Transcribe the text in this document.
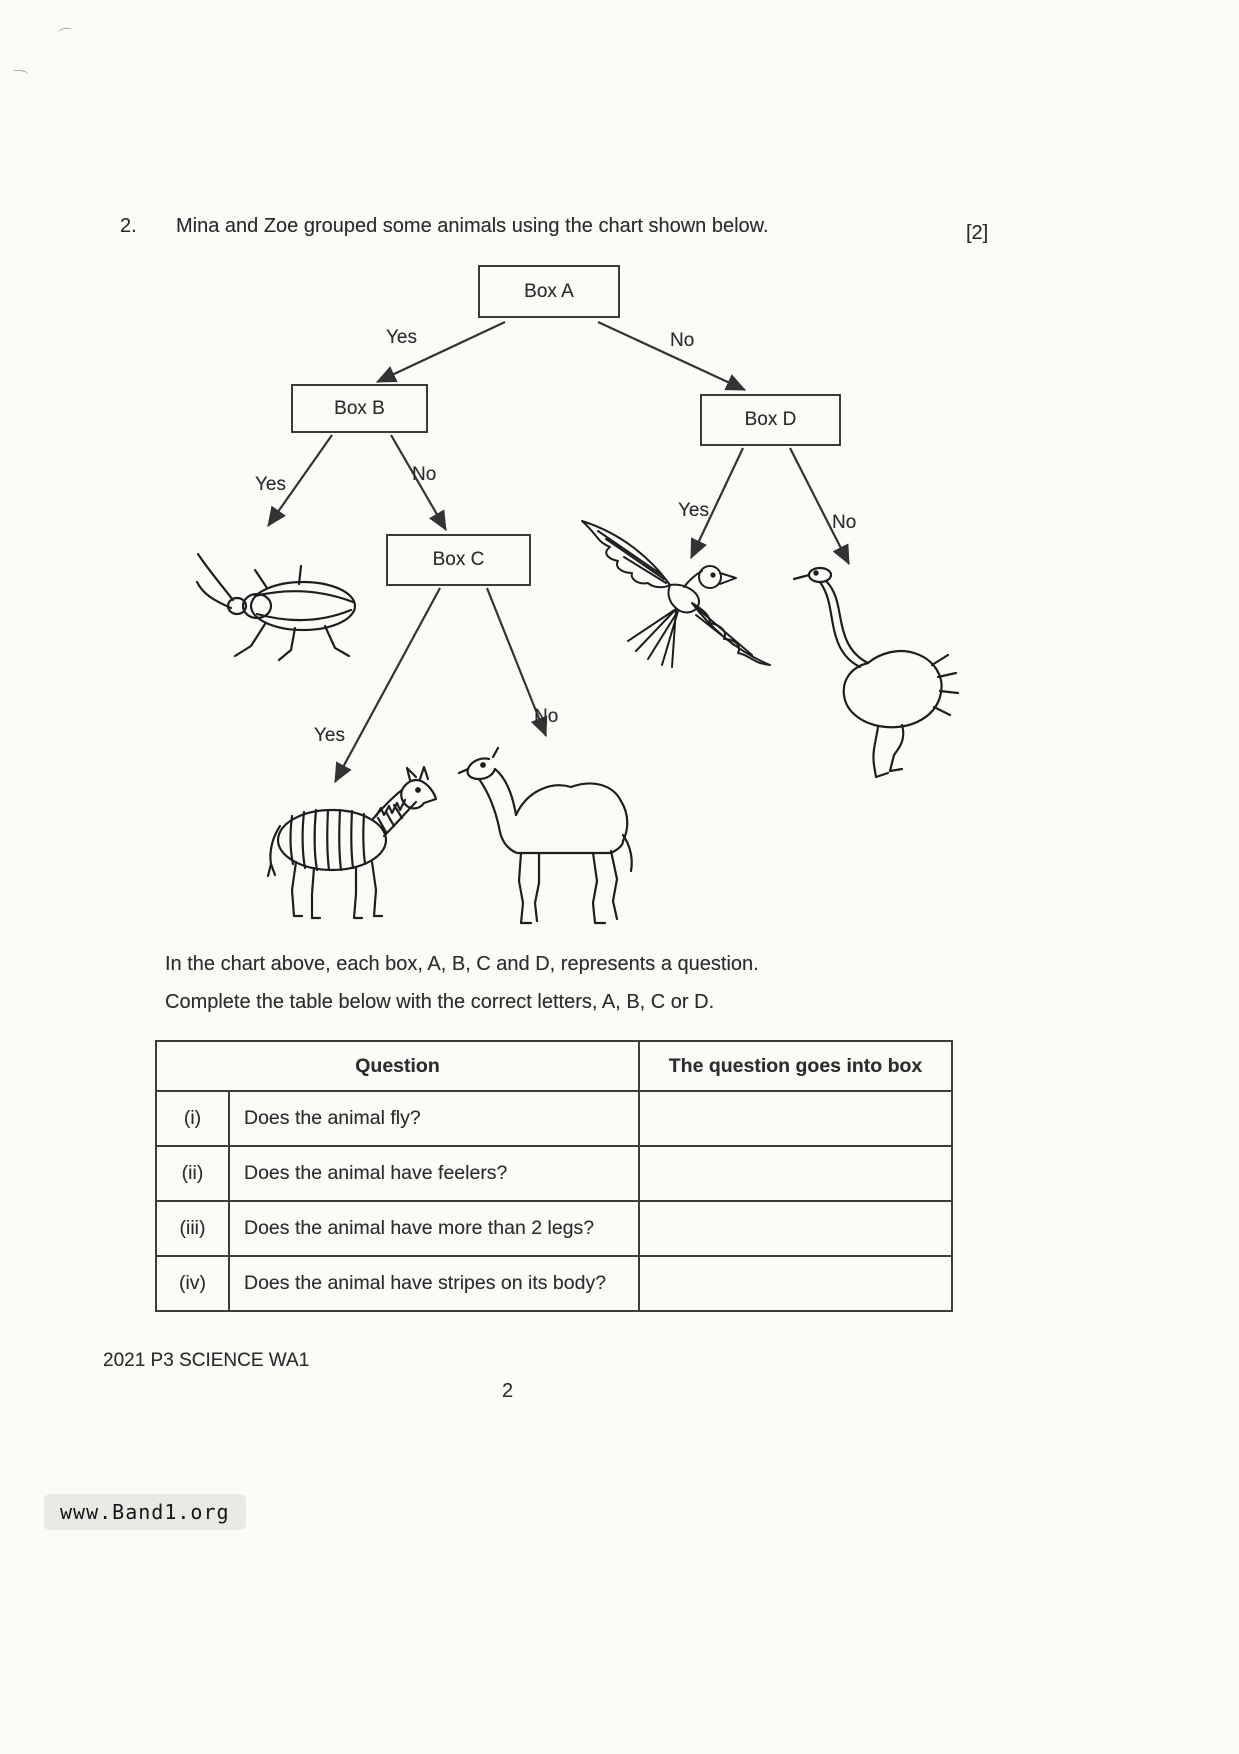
2. Mina and Zoe grouped some animals using the chart shown below.	[2]
Box A
Box B
Box C
Box D
Yes	No
Yes	No
Yes
No
Yes
No
In the chart above, each box, A, B, C and D, represents a question.
Complete the table below with the correct letters, A, B, C or D.
Question		The question goes into box
(i)	Does the animal fly?	
(ii)	Does the animal have feelers?	
(iii)	Does the animal have more than 2 legs?	
(iv)	Does the animal have stripes on its body?	
2021 P3 SCIENCE WA1
2
www.Band1.org
